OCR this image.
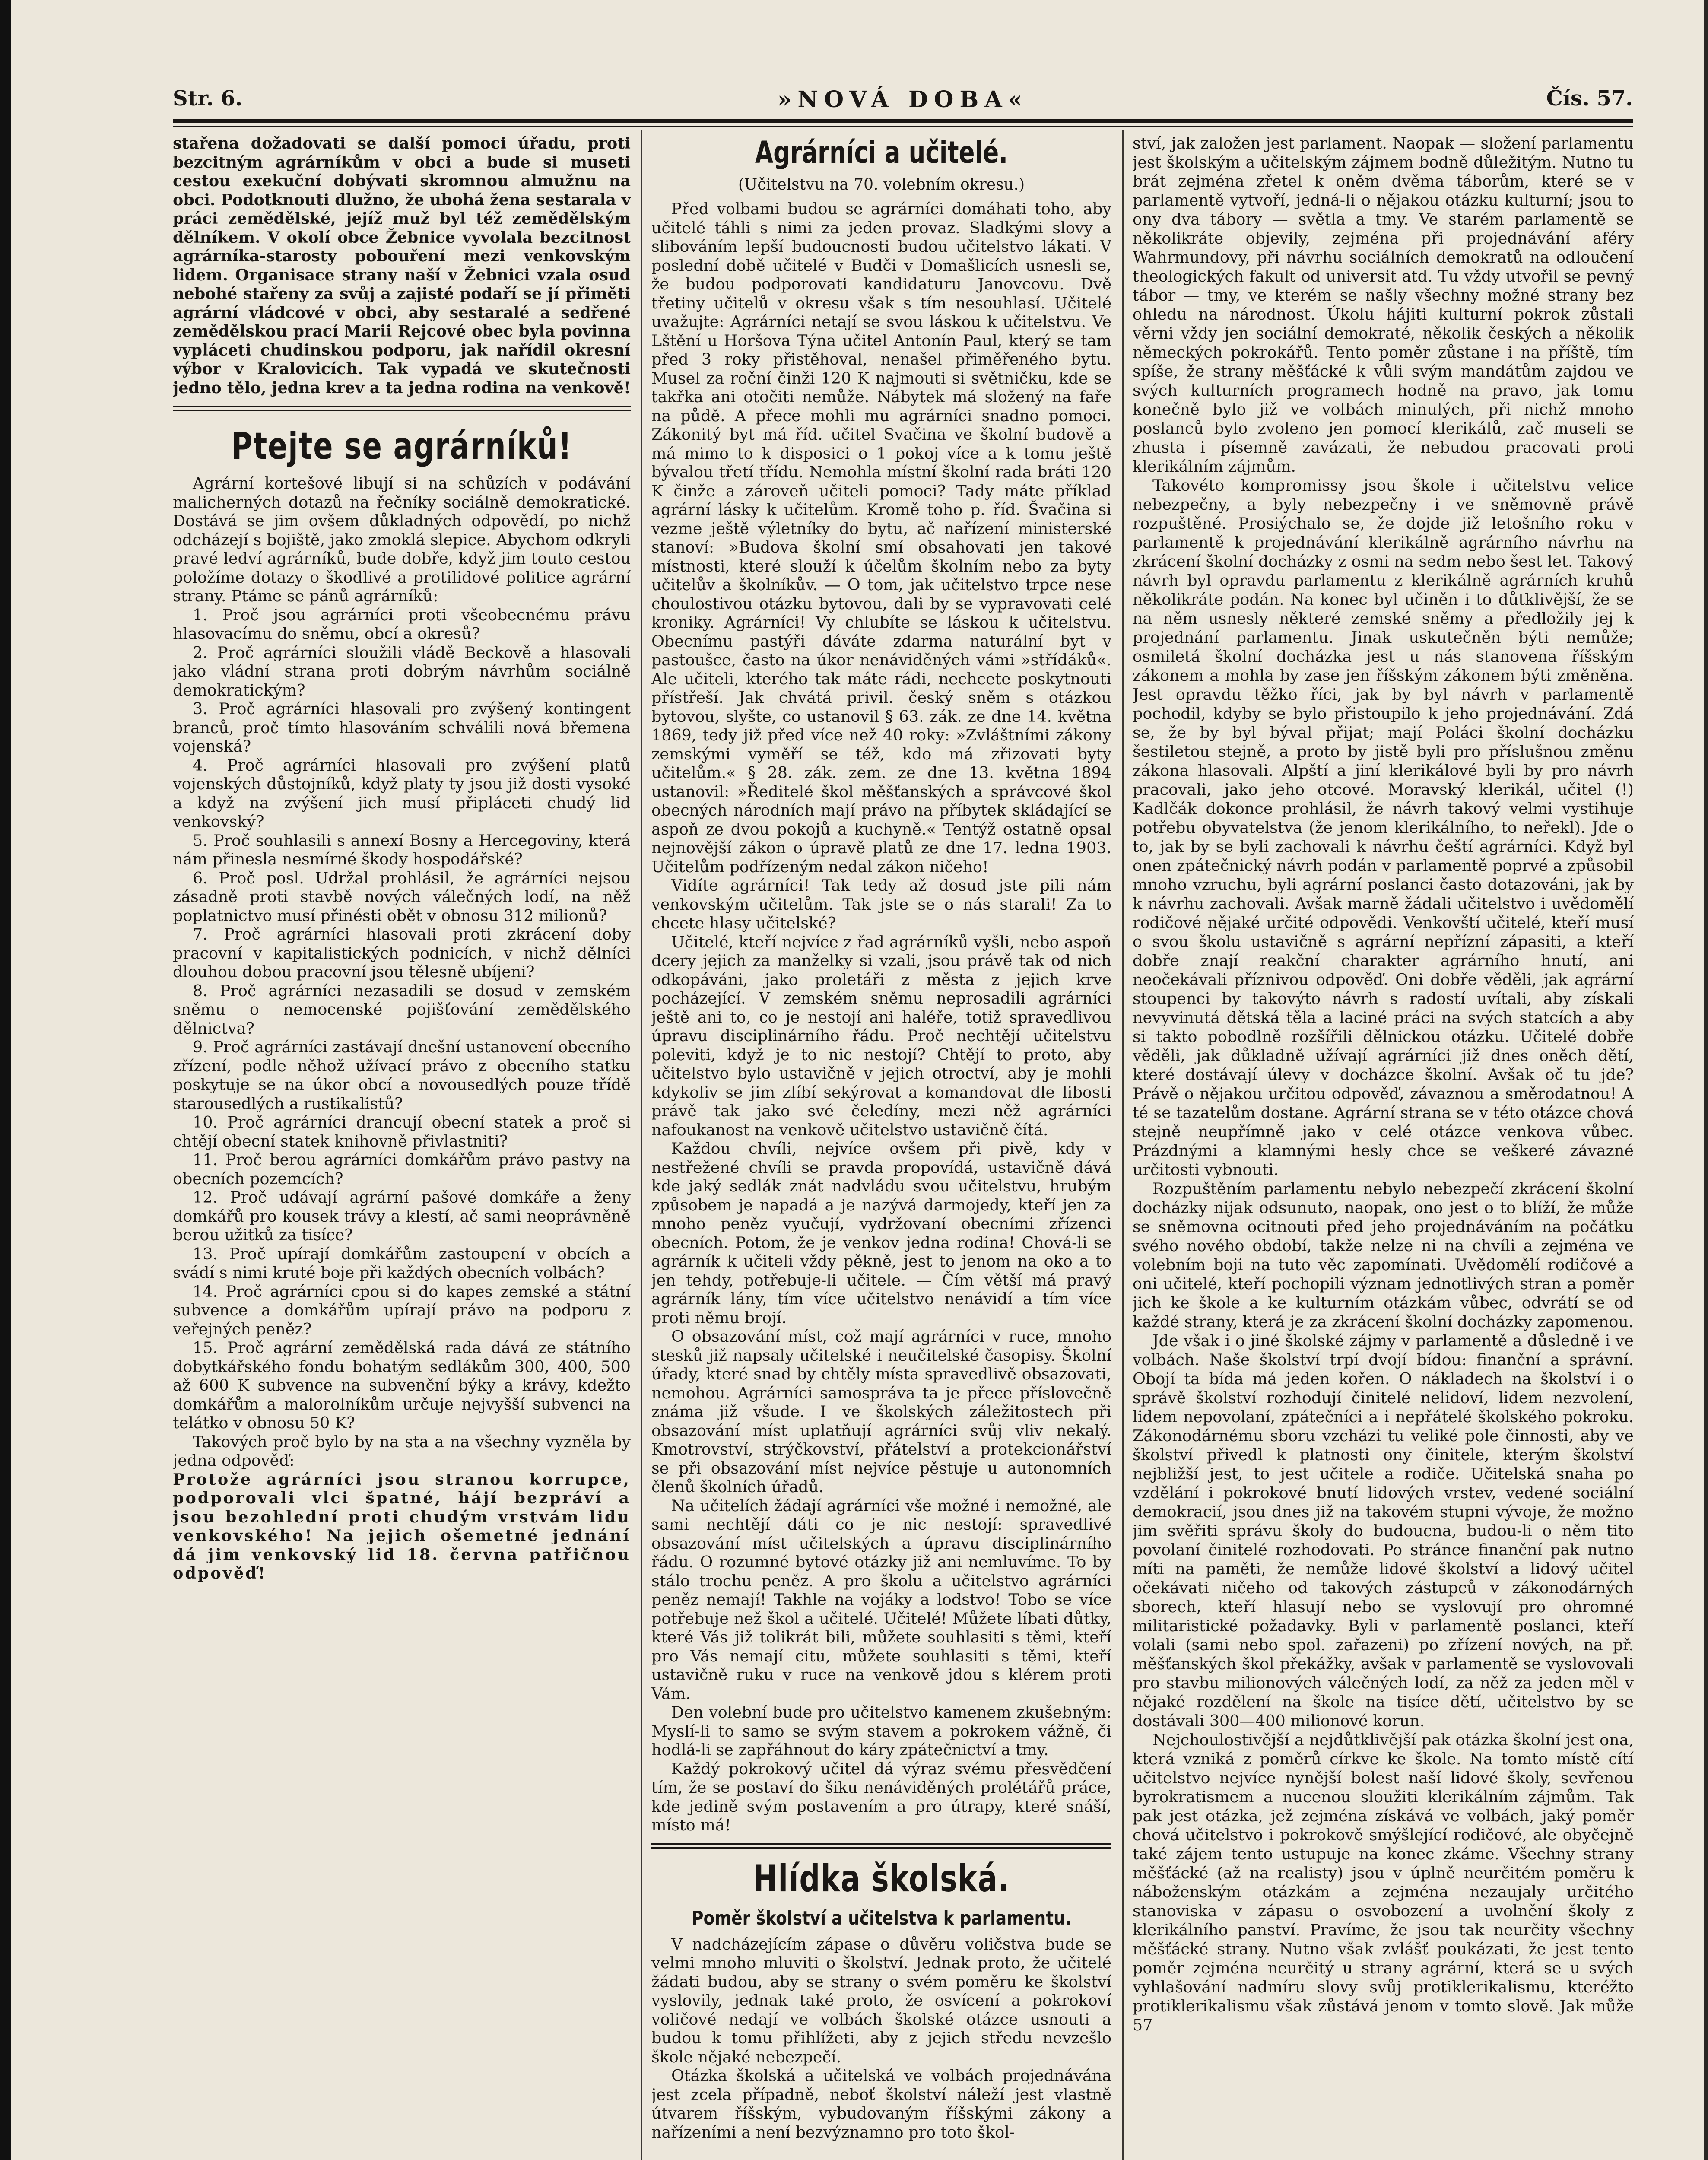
Str. 6.	»NOVÁ DOBA«	Čís. 57.

stařena dožadovati se další pomoci úřadu, proti bezcitným agrárníkům v obci a bude si museti cestou exekuční dobývati skromnou almužnu na obci. Podotknouti dlužno, že ubohá žena sestarala v práci zemědělské, jejíž muž byl též zemědělským dělníkem. V okolí obce Žebnice vyvolala bezcitnost agrárníka-starosty pobouření mezi venkovským lidem. Organisace strany naší v Žebnici vzala osud nebohé stařeny za svůj a zajisté podaří se jí přiměti agrární vládcové v obci, aby sestaralé a sedřené zemědělskou prací Marii Rejcové obec byla povinna vypláceti chudinskou podporu, jak nařídil okresní výbor v Kralovicích. Tak vypadá ve skutečnosti jedno tělo, jedna krev a ta jedna rodina na venkově!

Ptejte se agrárníků!

Agrární kortešové libují si na schůzích v podávání malicherných dotazů na řečníky sociálně demokratické. Dostává se jim ovšem důkladných odpovědí, po nichž odcházejí s bojiště, jako zmoklá slepice. Abychom odkryli pravé ledví agrárníků, bude dobře, když jim touto cestou položíme dotazy o škodlivé a protilidové politice agrární strany. Ptáme se pánů agrárníků:

1. Proč jsou agrárníci proti všeobecnému právu hlasovacímu do sněmu, obcí a okresů?

2. Proč agrárníci sloužili vládě Beckově a hlasovali jako vládní strana proti dobrým návrhům sociálně demokratickým?

3. Proč agrárníci hlasovali pro zvýšený kontingent branců, proč tímto hlasováním schválili nová břemena vojenská?

4. Proč agrárníci hlasovali pro zvýšení platů vojenských důstojníků, když platy ty jsou již dosti vysoké a když na zvýšení jich musí připláceti chudý lid venkovský?

5. Proč souhlasili s annexí Bosny a Hercegoviny, která nám přinesla nesmírné škody hospodářské?

6. Proč posl. Udržal prohlásil, že agrárníci nejsou zásadně proti stavbě nových válečných lodí, na něž poplatnictvo musí přinésti obět v obnosu 312 milionů?

7. Proč agrárníci hlasovali proti zkrácení doby pracovní v kapitalistických podnicích, v nichž dělníci dlouhou dobou pracovní jsou tělesně ubíjeni?

8. Proč agrárníci nezasadili se dosud v zemském sněmu o nemocenské pojišťování zemědělského dělnictva?

9. Proč agrárníci zastávají dnešní ustanovení obecního zřízení, podle něhož užívací právo z obecního statku poskytuje se na úkor obcí a novousedlých pouze třídě starousedlých a rustikalistů?

10. Proč agrárníci drancují obecní statek a proč si chtějí obecní statek knihovně přivlastniti?

11. Proč berou agrárníci domkářům právo pastvy na obecních pozemcích?

12. Proč udávají agrární pašové domkáře a ženy domkářů pro kousek trávy a klestí, ač sami neoprávněně berou užitků za tisíce?

13. Proč upírají domkářům zastoupení v obcích a svádí s nimi kruté boje při každých obecních volbách?

14. Proč agrárníci cpou si do kapes zemské a státní subvence a domkářům upírají právo na podporu z veřejných peněz?

15. Proč agrární zemědělská rada dává ze státního dobytkářského fondu bohatým sedlákům 300, 400, 500 až 600 K subvence na subvenční býky a krávy, kdežto domkářům a malorolníkům určuje nejvyšší subvenci na telátko v obnosu 50 K?

Takových proč bylo by na sta a na všechny vyzněla by jedna odpověď:

Protože agrárníci jsou stranou korrupce, podporovali vlci špatné, hájí bezpráví a jsou bezohlední proti chudým vrstvám lidu venkovského! Na jejich ošemetné jednání dá jim venkovský lid 18. června patřičnou odpověď!

Agrárníci a učitelé.
(Učitelstvu na 70. volebním okresu.)

Před volbami budou se agrárníci domáhati toho, aby učitelé táhli s nimi za jeden provaz. Sladkými slovy a slibováním lepší budoucnosti budou učitelstvo lákati. V poslední době učitelé v Budči v Domašlicích usnesli se, že budou podporovati kandidaturu Janovcovu. Dvě třetiny učitelů v okresu však s tím nesouhlasí. Učitelé uvažujte: Agrárníci netají se svou láskou k učitelstvu. Ve Lštění u Horšova Týna učitel Antonín Paul, který se tam před 3 roky přistěhoval, nenašel přiměřeného bytu. Musel za roční činži 120 K najmouti si světničku, kde se takřka ani otočiti nemůže. Nábytek má složený na faře na půdě. A přece mohli mu agrárníci snadno pomoci. Zákonitý byt má říd. učitel Svačina ve školní budově a má mimo to k disposici o 1 pokoj více a k tomu ještě bývalou třetí třídu. Nemohla místní školní rada bráti 120 K činže a zároveň učiteli pomoci? Tady máte příklad agrární lásky k učitelům. Kromě toho p. říd. Švačina si vezme ještě výletníky do bytu, ač nařízení ministerské stanoví: »Budova školní smí obsahovati jen takové místnosti, které slouží k účelům školním nebo za byty učitelův a školníkův. — O tom, jak učitelstvo trpce nese choulostivou otázku bytovou, dali by se vypravovati celé kroniky. Agrárníci! Vy chlubíte se láskou k učitelstvu. Obecnímu pastýři dáváte zdarma naturální byt v pastoušce, často na úkor nenáviděných vámi »střídáků«. Ale učiteli, kterého tak máte rádi, nechcete poskytnouti přístřeší. Jak chvátá privil. český sněm s otázkou bytovou, slyšte, co ustanovil § 63. zák. ze dne 14. května 1869, tedy již před více než 40 roky: »Zvláštními zákony zemskými vyměří se též, kdo má zřizovati byty učitelům.« § 28. zák. zem. ze dne 13. května 1894 ustanovil: »Ředitelé škol měšťanských a správcové škol obecných národních mají právo na příbytek skládající se aspoň ze dvou pokojů a kuchyně.« Tentýž ostatně opsal nejnovější zákon o úpravě platů ze dne 17. ledna 1903. Učitelům podřízeným nedal zákon ničeho!

Vidíte agrárníci! Tak tedy až dosud jste pili nám venkovským učitelům. Tak jste se o nás starali! Za to chcete hlasy učitelské?

Učitelé, kteří nejvíce z řad agrárníků vyšli, nebo aspoň dcery jejich za manželky si vzali, jsou právě tak od nich odkopáváni, jako proletáři z města z jejich krve pocházející. V zemském sněmu neprosadili agrárníci ještě ani to, co je nestojí ani haléře, totiž spravedlivou úpravu disciplinárního řádu. Proč nechtějí učitelstvu poleviti, když je to nic nestojí? Chtějí to proto, aby učitelstvo bylo ustavičně v jejich otroctví, aby je mohli kdykoliv se jim zlíbí sekýrovat a komandovat dle libosti právě tak jako své čeledíny, mezi něž agrárníci nafoukanost na venkově učitelstvo ustavičně čítá.

Každou chvíli, nejvíce ovšem při pivě, kdy v nestřežené chvíli se pravda propovídá, ustavičně dává kde jaký sedlák znát nadvládu svou učitelstvu, hrubým způsobem je napadá a je nazývá darmojedy, kteří jen za mnoho peněz vyučují, vydržovaní obecními zřízenci obecních. Potom, že je venkov jedna rodina! Chová-li se agrárník k učiteli vždy pěkně, jest to jenom na oko a to jen tehdy, potřebuje-li učitele. — Čím větší má pravý agrárník lány, tím více učitelstvo nenávidí a tím více proti němu brojí.

O obsazování míst, což mají agrárníci v ruce, mnoho stesků již napsaly učitelské i neučitelské časopisy. Školní úřady, které snad by chtěly místa spravedlivě obsazovati, nemohou. Agrárníci samospráva ta je přece příslovečně známa již všude. I ve školských záležitostech při obsazování míst uplatňují agrárníci svůj vliv nekalý. Kmotrovství, strýčkovství, přátelství a protekcionářství se při obsazování míst nejvíce pěstuje u autonomních členů školních úřadů.

Na učitelích žádají agrárníci vše možné i nemožné, ale sami nechtějí dáti co je nic nestojí: spravedlivé obsazování míst učitelských a úpravu disciplinárního řádu. O rozumné bytové otázky již ani nemluvíme. To by stálo trochu peněz. A pro školu a učitelstvo agrárníci peněz nemají! Takhle na vojáky a lodstvo! Tobo se více potřebuje než škol a učitelé. Učitelé! Můžete líbati důtky, které Vás již tolikrát bili, můžete souhlasiti s těmi, kteří pro Vás nemají citu, můžete souhlasiti s těmi, kteří ustavičně ruku v ruce na venkově jdou s klérem proti Vám.

Den volební bude pro učitelstvo kamenem zkušebným: Myslí-li to samo se svým stavem a pokrokem vážně, či hodlá-li se zapřáhnout do káry zpátečnictví a tmy.

Každý pokrokový učitel dá výraz svému přesvědčení tím, že se postaví do šiku nenáviděných prolétářů práce, kde jedině svým postavením a pro útrapy, které snáší, místo má!

Hlídka školská.
Poměr školství a učitelstva k parlamentu.

V nadcházejícím zápase o důvěru voličstva bude se velmi mnoho mluviti o školství. Jednak proto, že učitelé žádati budou, aby se strany o svém poměru ke školství vyslovily, jednak také proto, že osvícení a pokrokoví voličové nedají ve volbách školské otázce usnouti a budou k tomu přihlížeti, aby z jejich středu nevzešlo škole nějaké nebezpečí.

Otázka školská a učitelská ve volbách projednávána jest zcela případně, neboť školství náleží jest vlastně útvarem říšským, vybudovaným říšskými zákony a nařízeními a není bezvýznamno pro toto škol-

ství, jak založen jest parlament. Naopak — složení parlamentu jest školským a učitelským zájmem bodně důležitým. Nutno tu brát zejména zřetel k oněm dvěma táborům, které se v parlamentě vytvoří, jedná-li o nějakou otázku kulturní; jsou to ony dva tábory — světla a tmy. Ve starém parlamentě se několikráte objevily, zejména při projednávání aféry Wahrmundovy, při návrhu sociálních demokratů na odloučení theologických fakult od universit atd. Tu vždy utvořil se pevný tábor — tmy, ve kterém se našly všechny možné strany bez ohledu na národnost. Úkolu hájiti kulturní pokrok zůstali věrni vždy jen sociální demokraté, několik českých a několik německých pokrokářů. Tento poměr zůstane i na příště, tím spíše, že strany měšťácké k vůli svým mandátům zajdou ve svých kulturních programech hodně na pravo, jak tomu konečně bylo již ve volbách minulých, při nichž mnoho poslanců bylo zvoleno jen pomocí klerikálů, zač museli se zhusta i písemně zavázati, že nebudou pracovati proti klerikálním zájmům.

Takovéto kompromissy jsou škole i učitelstvu velice nebezpečny, a byly nebezpečny i ve sněmovně právě rozpuštěné. Prosiýchalo se, že dojde již letošního roku v parlamentě k projednávání klerikálně agrárního návrhu na zkrácení školní docházky z osmi na sedm nebo šest let. Takový návrh byl opravdu parlamentu z klerikálně agrárních kruhů několikráte podán. Na konec byl učiněn i to důtklivější, že se na něm usnesly některé zemské sněmy a předložily jej k projednání parlamentu. Jinak uskutečněn býti nemůže; osmiletá školní docházka jest u nás stanovena říšským zákonem a mohla by zase jen říšským zákonem býti změněna. Jest opravdu těžko říci, jak by byl návrh v parlamentě pochodil, kdyby se bylo přistoupilo k jeho projednávání. Zdá se, že by byl býval přijat; mají Poláci školní docházku šestiletou stejně, a proto by jistě byli pro příslušnou změnu zákona hlasovali. Alpští a jiní klerikálové byli by pro návrh pracovali, jako jeho otcové. Moravský klerikál, učitel (!) Kadlčák dokonce prohlásil, že návrh takový velmi vystihuje potřebu obyvatelstva (že jenom klerikálního, to neřekl). Jde o to, jak by se byli zachovali k návrhu čeští agrárníci. Když byl onen zpátečnický návrh podán v parlamentě poprvé a způsobil mnoho vzruchu, byli agrární poslanci často dotazováni, jak by k návrhu zachovali. Avšak marně žádali učitelstvo i uvědomělí rodičové nějaké určité odpovědi. Venkovští učitelé, kteří musí o svou školu ustavičně s agrární nepřízní zápasiti, a kteří dobře znají reakční charakter agrárního hnutí, ani neočekávali příznivou odpověď. Oni dobře věděli, jak agrární stoupenci by takovýto návrh s radostí uvítali, aby získali nevyvinutá dětská těla a laciné práci na svých statcích a aby si takto pobodlně rozšířili dělnickou otázku. Učitelé dobře věděli, jak důkladně užívají agrárníci již dnes oněch dětí, které dostávají úlevy v docházce školní. Avšak oč tu jde? Právě o nějakou určitou odpověď, závaznou a směrodatnou! A té se tazatelům dostane. Agrární strana se v této otázce chová stejně neupřímně jako v celé otázce venkova vůbec. Prázdnými a klamnými hesly chce se veškeré závazné určitosti vybnouti.

Rozpuštěním parlamentu nebylo nebezpečí zkrácení školní docházky nijak odsunuto, naopak, ono jest o to blíží, že může se sněmovna ocitnouti před jeho projednáváním na počátku svého nového období, takže nelze ni na chvíli a zejména ve volebním boji na tuto věc zapomínati. Uvědomělí rodičové a oni učitelé, kteří pochopili význam jednotlivých stran a poměr jich ke škole a ke kulturním otázkám vůbec, odvrátí se od každé strany, která je za zkrácení školní docházky zapomenou.

Jde však i o jiné školské zájmy v parlamentě a důsledně i ve volbách. Naše školství trpí dvojí bídou: finanční a správní. Obojí ta bída má jeden kořen. O nákladech na školství i o správě školství rozhodují činitelé nelidoví, lidem nezvolení, lidem nepovolaní, zpátečníci a i nepřátelé školského pokroku. Zákonodárnému sboru vzcházi tu veliké pole činnosti, aby ve školství přivedl k platnosti ony činitele, kterým školství nejbližší jest, to jest učitele a rodiče. Učitelská snaha po vzdělání i pokrokové bnutí lidových vrstev, vedené sociální demokracií, jsou dnes již na takovém stupni vývoje, že možno jim svěřiti správu školy do budoucna, budou-li o něm tito povolaní činitelé rozhodovati. Po stránce finanční pak nutno míti na paměti, že nemůže lidové školství a lidový učitel očekávati ničeho od takových zástupců v zákonodárných sborech, kteří hlasují nebo se vyslovují pro ohromné militaristické požadavky. Byli v parlamentě poslanci, kteří volali (sami nebo spol. zařazeni) po zřízení nových, na př. měšťanských škol překážky, avšak v parlamentě se vyslovovali pro stavbu milionových válečných lodí, za něž za jeden měl v nějaké rozdělení na škole na tisíce dětí, učitelstvo by se dostávali 300—400 milionové korun.

Nejchoulostivější a nejdůtklivější pak otázka školní jest ona, která vzniká z poměrů církve ke škole. Na tomto místě cítí učitelstvo nejvíce nynější bolest naší lidové školy, sevřenou byrokratismem a nucenou sloužiti klerikálním zájmům. Tak pak jest otázka, jež zejména získává ve volbách, jaký poměr chová učitelstvo i pokrokově smýšlející rodičové, ale obyčejně také zájem tento ustupuje na konec zkáme. Všechny strany měšťácké (až na realisty) jsou v úplně neurčitém poměru k náboženským otázkám a zejména nezaujaly určitého stanoviska v zápasu o osvobození a uvolnění školy z klerikálního panství. Pravíme, že jsou tak neurčity všechny měšťácké strany. Nutno však zvlášť poukázati, že jest tento poměr zejména neurčitý u strany agrární, která se u svých vyhlašování nadmíru slovy svůj protiklerikalismu, kteréžto protiklerikalismu však zůstává jenom v tomto slově. Jak může 57
